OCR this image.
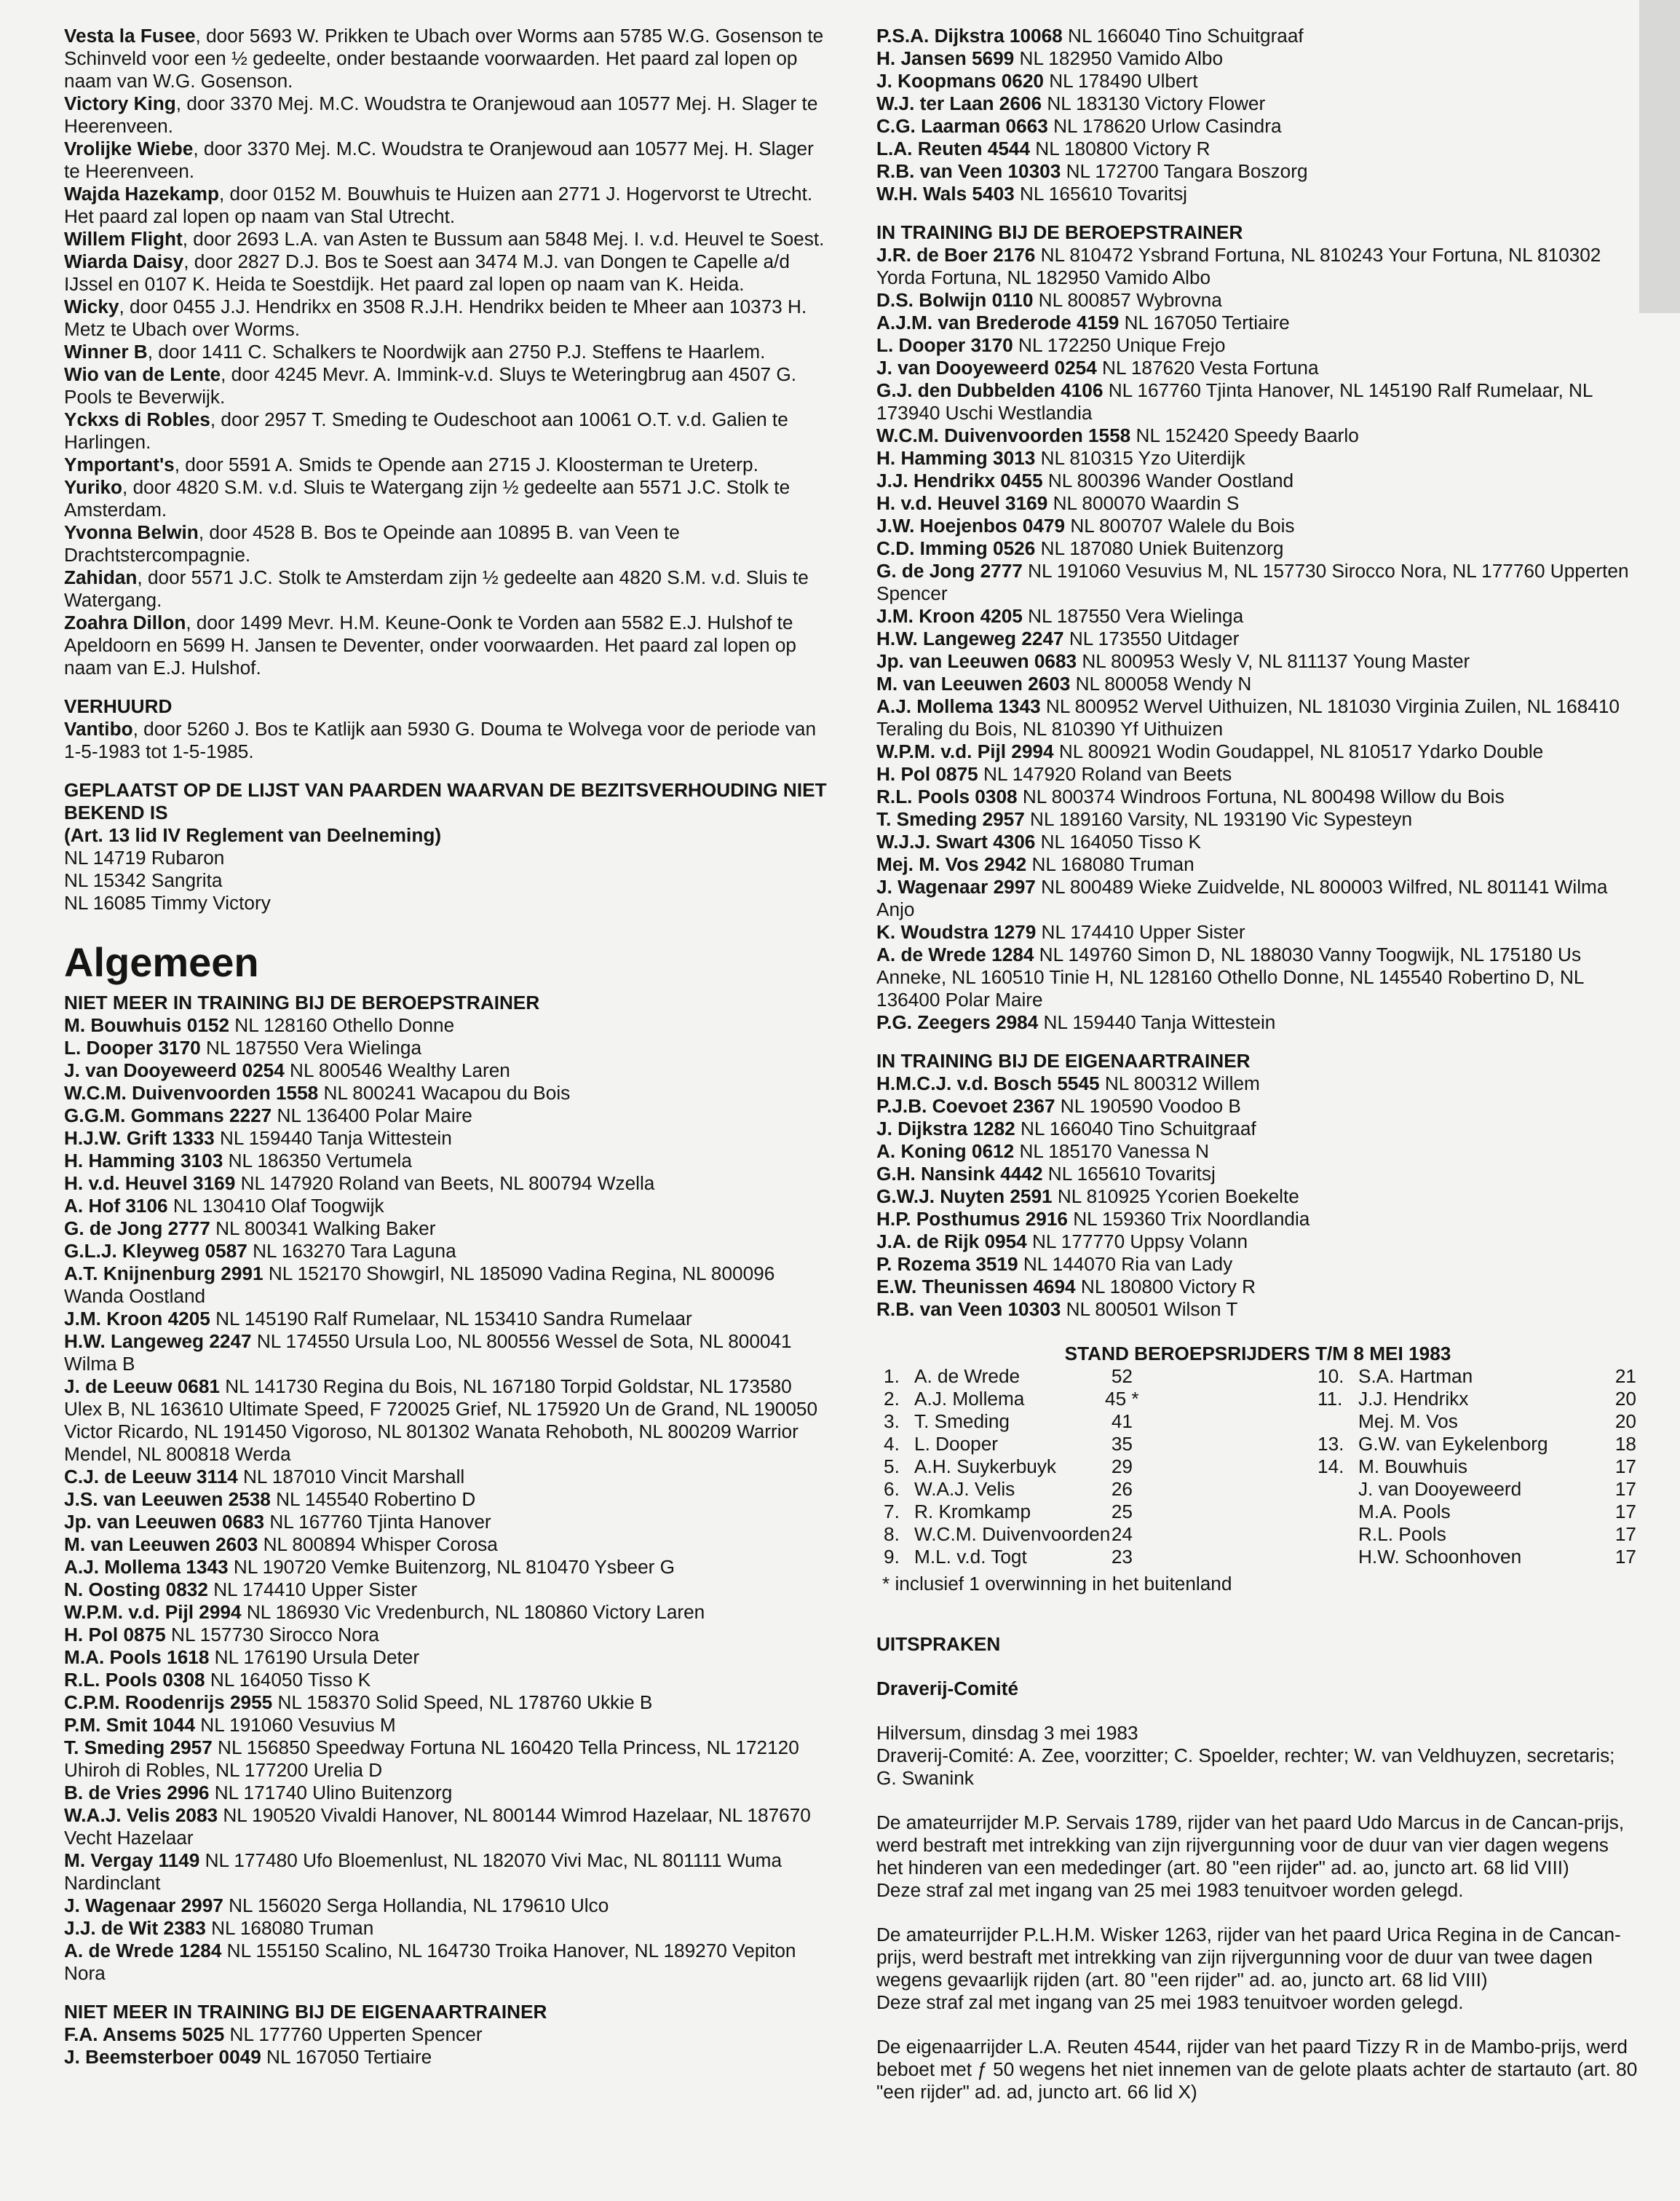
Vesta la Fusee, door 5693 W. Prikken te Ubach over Worms aan 5785 W.G. Gosenson te Schinveld voor een ½ gedeelte, onder bestaande voorwaarden. Het paard zal lopen op naam van W.G. Gosenson.

Victory King, door 3370 Mej. M.C. Woudstra te Oranjewoud aan 10577 Mej. H. Slager te Heerenveen.

Vrolijke Wiebe, door 3370 Mej. M.C. Woudstra te Oranjewoud aan 10577 Mej. H. Slager te Heerenveen.

Wajda Hazekamp, door 0152 M. Bouwhuis te Huizen aan 2771 J. Hogervorst te Utrecht. Het paard zal lopen op naam van Stal Utrecht.

Willem Flight, door 2693 L.A. van Asten te Bussum aan 5848 Mej. I. v.d. Heuvel te Soest.

Wiarda Daisy, door 2827 D.J. Bos te Soest aan 3474 M.J. van Dongen te Capelle a/d IJssel en 0107 K. Heida te Soestdijk. Het paard zal lopen op naam van K. Heida.

Wicky, door 0455 J.J. Hendrikx en 3508 R.J.H. Hendrikx beiden te Mheer aan 10373 H. Metz te Ubach over Worms.

Winner B, door 1411 C. Schalkers te Noordwijk aan 2750 P.J. Steffens te Haarlem.

Wio van de Lente, door 4245 Mevr. A. Immink-v.d. Sluys te Weteringbrug aan 4507 G. Pools te Beverwijk.

Yckxs di Robles, door 2957 T. Smeding te Oudeschoot aan 10061 O.T. v.d. Galien te Harlingen.

Ymportant's, door 5591 A. Smids te Opende aan 2715 J. Kloosterman te Ureterp.

Yuriko, door 4820 S.M. v.d. Sluis te Watergang zijn ½ gedeelte aan 5571 J.C. Stolk te Amsterdam.

Yvonna Belwin, door 4528 B. Bos te Opeinde aan 10895 B. van Veen te Drachtstercompagnie.

Zahidan, door 5571 J.C. Stolk te Amsterdam zijn ½ gedeelte aan 4820 S.M. v.d. Sluis te Watergang.

Zoahra Dillon, door 1499 Mevr. H.M. Keune-Oonk te Vorden aan 5582 E.J. Hulshof te Apeldoorn en 5699 H. Jansen te Deventer, onder voorwaarden. Het paard zal lopen op naam van E.J. Hulshof.

VERHUURD

Vantibo, door 5260 J. Bos te Katlijk aan 5930 G. Douma te Wolvega voor de periode van 1-5-1983 tot 1-5-1985.

GEPLAATST OP DE LIJST VAN PAARDEN WAARVAN DE BEZITSVERHOUDING NIET BEKEND IS

(Art. 13 lid IV Reglement van Deelneming)

NL 14719 Rubaron

NL 15342 Sangrita

NL 16085 Timmy Victory

Algemeen

NIET MEER IN TRAINING BIJ DE BEROEPSTRAINER

M. Bouwhuis 0152 NL 128160 Othello Donne

L. Dooper 3170 NL 187550 Vera Wielinga

J. van Dooyeweerd 0254 NL 800546 Wealthy Laren

W.C.M. Duivenvoorden 1558 NL 800241 Wacapou du Bois

G.G.M. Gommans 2227 NL 136400 Polar Maire

H.J.W. Grift 1333 NL 159440 Tanja Wittestein

H. Hamming 3103 NL 186350 Vertumela

H. v.d. Heuvel 3169 NL 147920 Roland van Beets, NL 800794 Wzella

A. Hof 3106 NL 130410 Olaf Toogwijk

G. de Jong 2777 NL 800341 Walking Baker

G.L.J. Kleyweg 0587 NL 163270 Tara Laguna

A.T. Knijnenburg 2991 NL 152170 Showgirl, NL 185090 Vadina Regina, NL 800096 Wanda Oostland

J.M. Kroon 4205 NL 145190 Ralf Rumelaar, NL 153410 Sandra Rumelaar

H.W. Langeweg 2247 NL 174550 Ursula Loo, NL 800556 Wessel de Sota, NL 800041 Wilma B

J. de Leeuw 0681 NL 141730 Regina du Bois, NL 167180 Torpid Goldstar, NL 173580 Ulex B, NL 163610 Ultimate Speed, F 720025 Grief, NL 175920 Un de Grand, NL 190050 Victor Ricardo, NL 191450 Vigoroso, NL 801302 Wanata Rehoboth, NL 800209 Warrior Mendel, NL 800818 Werda

C.J. de Leeuw 3114 NL 187010 Vincit Marshall

J.S. van Leeuwen 2538 NL 145540 Robertino D

Jp. van Leeuwen 0683 NL 167760 Tjinta Hanover

M. van Leeuwen 2603 NL 800894 Whisper Corosa

A.J. Mollema 1343 NL 190720 Vemke Buitenzorg, NL 810470 Ysbeer G

N. Oosting 0832 NL 174410 Upper Sister

W.P.M. v.d. Pijl 2994 NL 186930 Vic Vredenburch, NL 180860 Victory Laren

H. Pol 0875 NL 157730 Sirocco Nora

M.A. Pools 1618 NL 176190 Ursula Deter

R.L. Pools 0308 NL 164050 Tisso K

C.P.M. Roodenrijs 2955 NL 158370 Solid Speed, NL 178760 Ukkie B

P.M. Smit 1044 NL 191060 Vesuvius M

T. Smeding 2957 NL 156850 Speedway Fortuna NL 160420 Tella Princess, NL 172120 Uhiroh di Robles, NL 177200 Urelia D

B. de Vries 2996 NL 171740 Ulino Buitenzorg

W.A.J. Velis 2083 NL 190520 Vivaldi Hanover, NL 800144 Wimrod Hazelaar, NL 187670 Vecht Hazelaar

M. Vergay 1149 NL 177480 Ufo Bloemenlust, NL 182070 Vivi Mac, NL 801111 Wuma Nardinclant

J. Wagenaar 2997 NL 156020 Serga Hollandia, NL 179610 Ulco

J.J. de Wit 2383 NL 168080 Truman

A. de Wrede 1284 NL 155150 Scalino, NL 164730 Troika Hanover, NL 189270 Vepiton Nora

NIET MEER IN TRAINING BIJ DE EIGENAARTRAINER

F.A. Ansems 5025 NL 177760 Upperten Spencer

J. Beemsterboer 0049 NL 167050 Tertiaire

P.S.A. Dijkstra 10068 NL 166040 Tino Schuitgraaf

H. Jansen 5699 NL 182950 Vamido Albo

J. Koopmans 0620 NL 178490 Ulbert

W.J. ter Laan 2606 NL 183130 Victory Flower

C.G. Laarman 0663 NL 178620 Urlow Casindra

L.A. Reuten 4544 NL 180800 Victory R

R.B. van Veen 10303 NL 172700 Tangara Boszorg

W.H. Wals 5403 NL 165610 Tovaritsj

IN TRAINING BIJ DE BEROEPSTRAINER

J.R. de Boer 2176 NL 810472 Ysbrand Fortuna, NL 810243 Your Fortuna, NL 810302 Yorda Fortuna, NL 182950 Vamido Albo

D.S. Bolwijn 0110 NL 800857 Wybrovna

A.J.M. van Brederode 4159 NL 167050 Tertiaire

L. Dooper 3170 NL 172250 Unique Frejo

J. van Dooyeweerd 0254 NL 187620 Vesta Fortuna

G.J. den Dubbelden 4106 NL 167760 Tjinta Hanover, NL 145190 Ralf Rumelaar, NL 173940 Uschi Westlandia

W.C.M. Duivenvoorden 1558 NL 152420 Speedy Baarlo

H. Hamming 3013 NL 810315 Yzo Uiterdijk

J.J. Hendrikx 0455 NL 800396 Wander Oostland

H. v.d. Heuvel 3169 NL 800070 Waardin S

J.W. Hoejenbos 0479 NL 800707 Walele du Bois

C.D. Imming 0526 NL 187080 Uniek Buitenzorg

G. de Jong 2777 NL 191060 Vesuvius M, NL 157730 Sirocco Nora, NL 177760 Upperten Spencer

J.M. Kroon 4205 NL 187550 Vera Wielinga

H.W. Langeweg 2247 NL 173550 Uitdager

Jp. van Leeuwen 0683 NL 800953 Wesly V, NL 811137 Young Master

M. van Leeuwen 2603 NL 800058 Wendy N

A.J. Mollema 1343 NL 800952 Wervel Uithuizen, NL 181030 Virginia Zuilen, NL 168410 Teraling du Bois, NL 810390 Yf Uithuizen

W.P.M. v.d. Pijl 2994 NL 800921 Wodin Goudappel, NL 810517 Ydarko Double

H. Pol 0875 NL 147920 Roland van Beets

R.L. Pools 0308 NL 800374 Windroos Fortuna, NL 800498 Willow du Bois

T. Smeding 2957 NL 189160 Varsity, NL 193190 Vic Sypesteyn

W.J.J. Swart 4306 NL 164050 Tisso K

Mej. M. Vos 2942 NL 168080 Truman

J. Wagenaar 2997 NL 800489 Wieke Zuidvelde, NL 800003 Wilfred, NL 801141 Wilma Anjo

K. Woudstra 1279 NL 174410 Upper Sister

A. de Wrede 1284 NL 149760 Simon D, NL 188030 Vanny Toogwijk, NL 175180 Us Anneke, NL 160510 Tinie H, NL 128160 Othello Donne, NL 145540 Robertino D, NL 136400 Polar Maire

P.G. Zeegers 2984 NL 159440 Tanja Wittestein

IN TRAINING BIJ DE EIGENAARTRAINER

H.M.C.J. v.d. Bosch 5545 NL 800312 Willem

P.J.B. Coevoet 2367 NL 190590 Voodoo B

J. Dijkstra 1282 NL 166040 Tino Schuitgraaf

A. Koning 0612 NL 185170 Vanessa N

G.H. Nansink 4442 NL 165610 Tovaritsj

G.W.J. Nuyten 2591 NL 810925 Ycorien Boekelte

H.P. Posthumus 2916 NL 159360 Trix Noordlandia

J.A. de Rijk 0954 NL 177770 Uppsy Volann

P. Rozema 3519 NL 144070 Ria van Lady

E.W. Theunissen 4694 NL 180800 Victory R

R.B. van Veen 10303 NL 800501 Wilson T

STAND BEROEPSRIJDERS T/M 8 MEI 1983

1. A. de Wrede	52
2. A.J. Mollema	45 *
3. T. Smeding	41
4. L. Dooper	35
5. A.H. Suykerbuyk	29
6. W.A.J. Velis	26
7. R. Kromkamp	25
8. W.C.M. Duivenvoorden 24
9. M.L. v.d. Togt	23
10. S.A. Hartman	21
11. J.J. Hendrikx	20
Mej. M. Vos	20
13. G.W. van Eykelenborg	18
14. M. Bouwhuis	17
J. van Dooyeweerd	17
M.A. Pools	17
R.L. Pools	17
H.W. Schoonhoven	17

* inclusief 1 overwinning in het buitenland

UITSPRAKEN

Draverij-Comité

Hilversum, dinsdag 3 mei 1983

Draverij-Comité: A. Zee, voorzitter; C. Spoelder, rechter; W. van Veldhuyzen, secretaris; G. Swanink

De amateurrijder M.P. Servais 1789, rijder van het paard Udo Marcus in de Cancan-prijs, werd bestraft met intrekking van zijn rijvergunning voor de duur van vier dagen wegens het hinderen van een mededinger (art. 80 "een rijder" ad. ao, juncto art. 68 lid VIII)

Deze straf zal met ingang van 25 mei 1983 tenuitvoer worden gelegd.

De amateurrijder P.L.H.M. Wisker 1263, rijder van het paard Urica Regina in de Cancan-prijs, werd bestraft met intrekking van zijn rijvergunning voor de duur van twee dagen wegens gevaarlijk rijden (art. 80 "een rijder" ad. ao, juncto art. 68 lid VIII)

Deze straf zal met ingang van 25 mei 1983 tenuitvoer worden gelegd.

De eigenaarrijder L.A. Reuten 4544, rijder van het paard Tizzy R in de Mambo-prijs, werd beboet met ƒ 50 wegens het niet innemen van de gelote plaats achter de startauto (art. 80 "een rijder" ad. ad, juncto art. 66 lid X)
